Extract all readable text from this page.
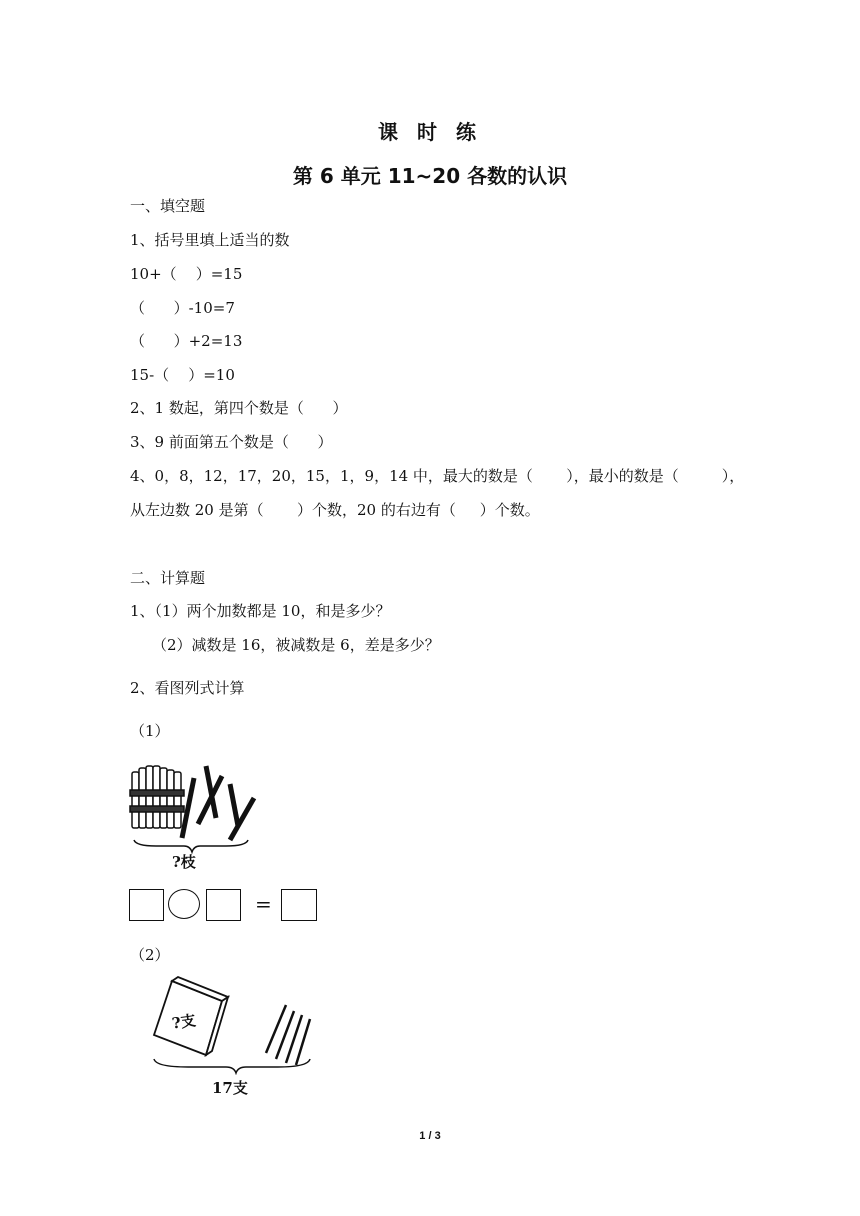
课 时 练
第 6 单元 11~20 各数的认识
一、填空题
1、括号里填上适当的数
10+（    ）=15
（      ）-10=7
（      ）+2=13
15-（    ）=10
2、1 数起，第四个数是（      ）
3、9 前面第五个数是（      ）
4、0，8，12，17，20，15，1，9，14 中，最大的数是（       ），最小的数是（         ），
从左边数 20 是第（       ）个数，20 的右边有（     ）个数。
二、计算题
1、（1）两个加数都是 10，和是多少？
（2）减数是 16，被减数是 6，差是多少？
2、看图列式计算
（1）
?枝
=
（2）
?支
17支
1 / 3
